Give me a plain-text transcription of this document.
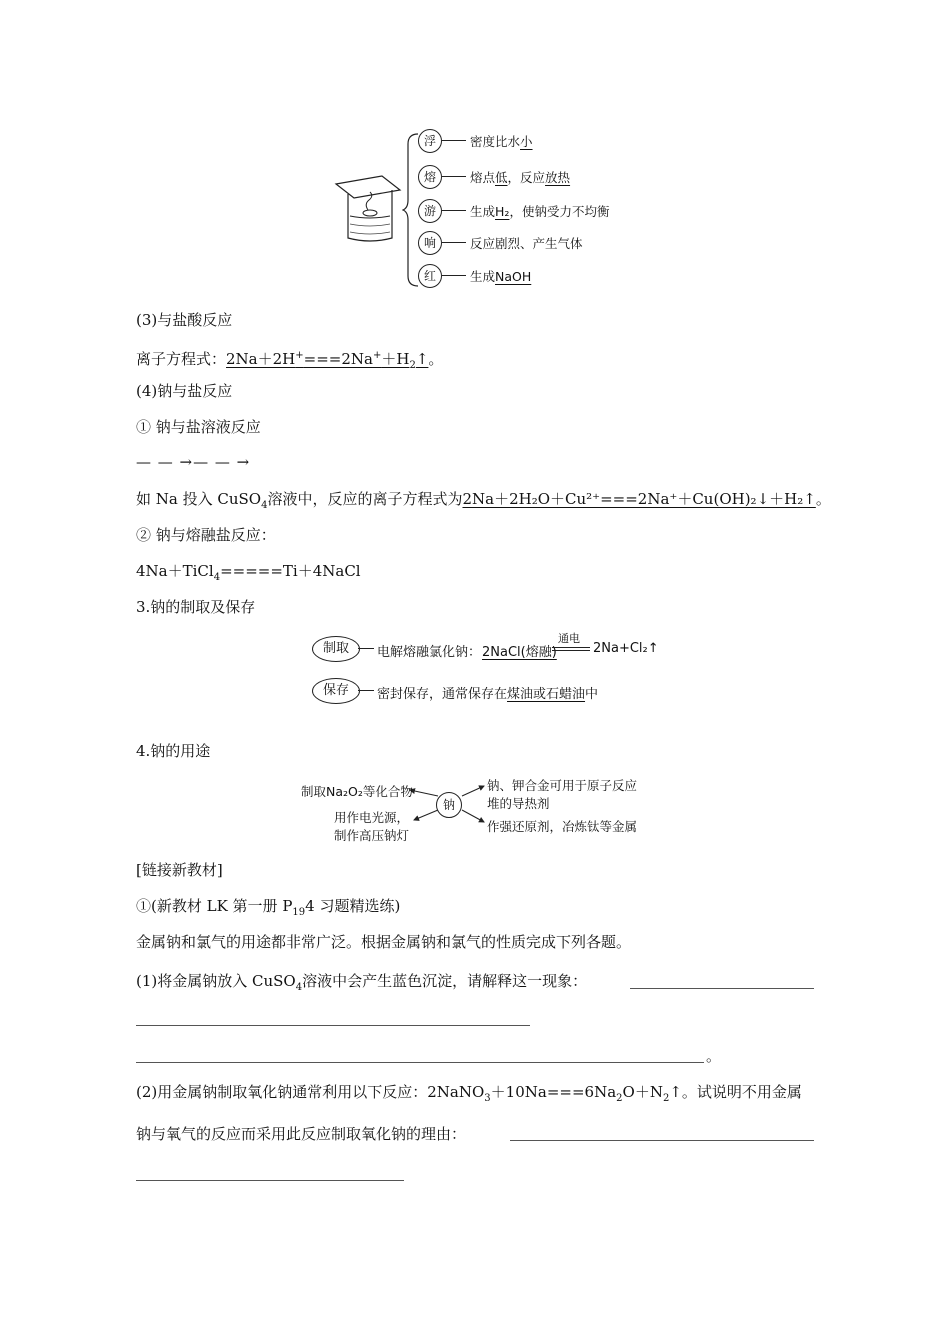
浮	密度比水小
熔	熔点低，反应放热
游	生成H₂，使钠受力不均衡
响	反应剧烈、产生气体
红	生成NaOH
(3)与盐酸反应
离子方程式：$2Na+2H^+===2Na^++H_2↑$。
(4)钠与盐反应
① 钠与盐溶液反应
— — →— — →
如 Na 投入 CuSO$_4$溶液中，反应的离子方程式为2Na＋2H₂O＋Cu²⁺===2Na⁺＋Cu(OH)₂↓＋H₂↑。
② 钠与熔融盐反应：
4Na＋TiCl$_4$=====Ti＋4NaCl
3.钠的制取及保存
制取	电解熔融氯化钠： 2NaCl(熔融)
通电
2Na+Cl₂↑
保存	密封保存，通常保存在煤油或石蜡油中
4.钠的用途
钠
制取Na₂O₂等化合物
用作电光源，
制作高压钠灯
钠、钾合金可用于原子反应
堆的导热剂
作强还原剂，冶炼钛等金属
[链接新教材]
①(新教材 LK 第一册 $P_{19}4$ 习题精选练)
金属钠和氯气的用途都非常广泛。根据金属钠和氯气的性质完成下列各题。
(1)将金属钠放入 CuSO$_4$溶液中会产生蓝色沉淀，请解释这一现象：
。
(2)用金属钠制取氧化钠通常利用以下反应：$2NaNO_3+10Na===6Na_2O+N_2↑$。试说明不用金属
钠与氧气的反应而采用此反应制取氧化钠的理由：
